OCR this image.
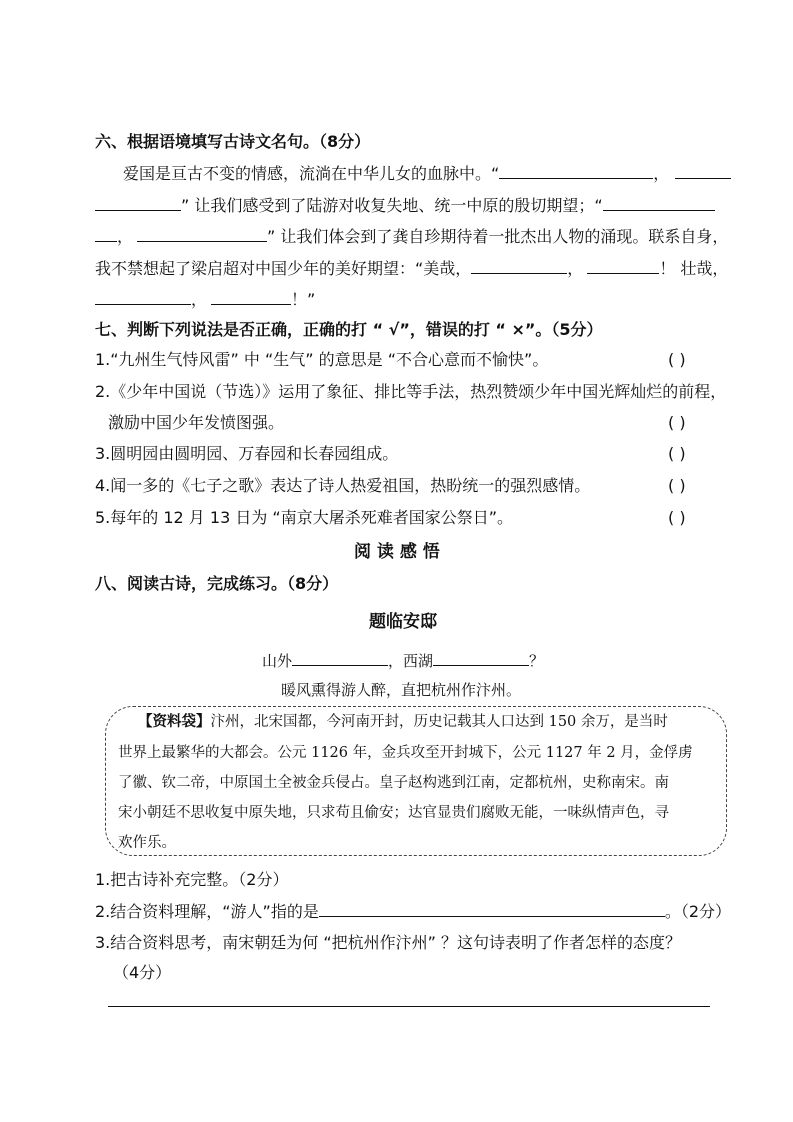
六、根据语境填写古诗文名句。（8分）
爱国是亘古不变的情感，流淌在中华儿女的血脉中。“	，
” 让我们感受到了陆游对收复失地、统一中原的殷切期望；“
，	” 让我们体会到了龚自珍期待着一批杰出人物的涌现。联系自身，
我不禁想起了梁启超对中国少年的美好期望：“美哉，	，	！ 壮哉，
，	！”
七、判断下列说法是否正确，正确的打 “ √”，错误的打 “ ×”。（5分）
1.“九州生气恃风雷” 中 “生气” 的意思是 “不合心意而不愉快”。	( )
2.《少年中国说（节选）》运用了象征、排比等手法，热烈赞颂少年中国光辉灿烂的前程，
激励中国少年发愤图强。	( )
3.圆明园由圆明园、万春园和长春园组成。	( )
4.闻一多的《七子之歌》表达了诗人热爱祖国，热盼统一的强烈感情。	( )
5.每年的 12 月 13 日为 “南京大屠杀死难者国家公祭日”。	( )
阅 读 感 悟
八、阅读古诗，完成练习。（8分）
题临安邸
山外	，西湖	？
暖风熏得游人醉，直把杭州作汴州。
【资料袋】汴州，北宋国都，今河南开封，历史记载其人口达到 150 余万，是当时
世界上最繁华的大都会。公元 1126 年，金兵攻至开封城下，公元 1127 年 2 月，金俘虏
了徽、钦二帝，中原国土全被金兵侵占。皇子赵构逃到江南，定都杭州，史称南宋。南
宋小朝廷不思收复中原失地，只求苟且偷安；达官显贵们腐败无能，一味纵情声色，寻
欢作乐。
1.把古诗补充完整。（2分）
2.结合资料理解，“游人”指的是	。（2分）
3.结合资料思考，南宋朝廷为何 “把杭州作汴州” ？这句诗表明了作者怎样的态度？
（4分）
